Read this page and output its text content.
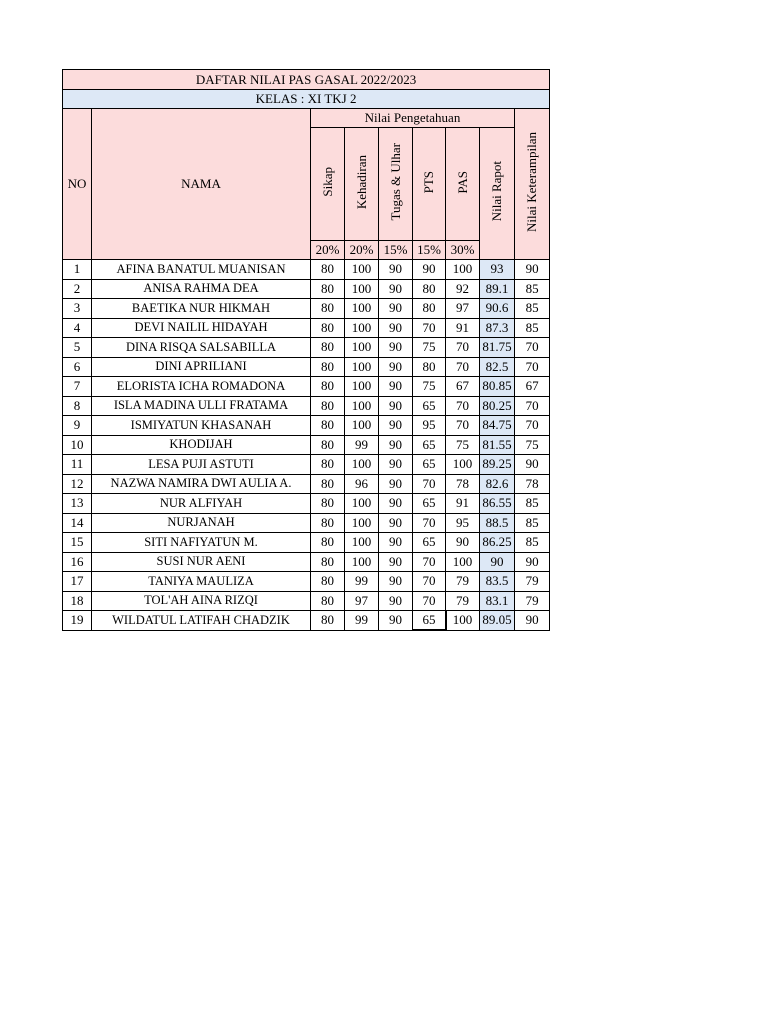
DAFTAR NILAI PAS GASAL 2022/2023								
KELAS : XI TKJ 2								
NO	NAMA	Nilai Pengetahuan						Nilai Keterampilan
		Sikap	Kehadiran	Tugas & Ulhar	PTS	PAS	Nilai Rapot	
		20%	20%	15%	15%	30%		
1	AFINA BANATUL MUANISAN	80	100	90	90	100	93	90
2	ANISA RAHMA DEA	80	100	90	80	92	89.1	85
3	BAETIKA NUR HIKMAH	80	100	90	80	97	90.6	85
4	DEVI NAILIL HIDAYAH	80	100	90	70	91	87.3	85
5	DINA RISQA SALSABILLA	80	100	90	75	70	81.75	70
6	DINI APRILIANI	80	100	90	80	70	82.5	70
7	ELORISTA ICHA ROMADONA	80	100	90	75	67	80.85	67
8	ISLA MADINA ULLI FRATAMA	80	100	90	65	70	80.25	70
9	ISMIYATUN KHASANAH	80	100	90	95	70	84.75	70
10	KHODIJAH	80	99	90	65	75	81.55	75
11	LESA PUJI ASTUTI	80	100	90	65	100	89.25	90
12	NAZWA NAMIRA DWI AULIA A.	80	96	90	70	78	82.6	78
13	NUR ALFIYAH	80	100	90	65	91	86.55	85
14	NURJANAH	80	100	90	70	95	88.5	85
15	SITI NAFIYATUN M.	80	100	90	65	90	86.25	85
16	SUSI NUR AENI	80	100	90	70	100	90	90
17	TANIYA MAULIZA	80	99	90	70	79	83.5	79
18	TOL'AH AINA RIZQI	80	97	90	70	79	83.1	79
19	WILDATUL LATIFAH CHADZIK	80	99	90	65	100	89.05	90
